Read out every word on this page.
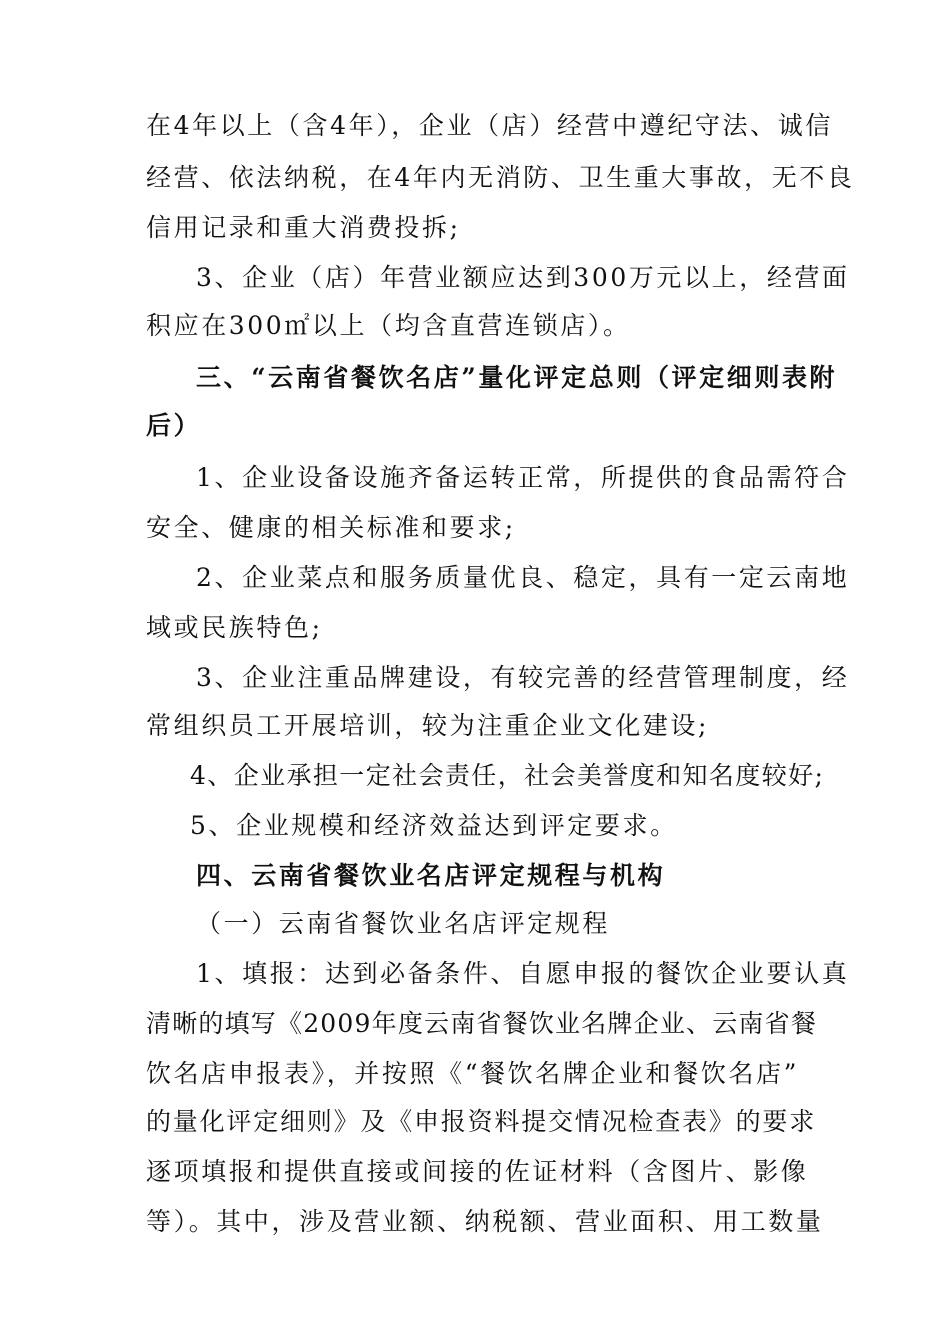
在4年以上（含4年），企业（店）经营中遵纪守法、诚信
经营、依法纳税，在4年内无消防、卫生重大事故，无不良
信用记录和重大消费投拆;
3、企业（店）年营业额应达到300万元以上，经营面
积应在300㎡以上（均含直营连锁店）。
三、“云南省餐饮名店”量化评定总则（评定细则表附
后）
1、企业设备设施齐备运转正常，所提供的食品需符合
安全、健康的相关标准和要求;
2、企业菜点和服务质量优良、稳定，具有一定云南地
域或民族特色;
3、企业注重品牌建设，有较完善的经营管理制度，经
常组织员工开展培训，较为注重企业文化建设;
4、企业承担一定社会责任，社会美誉度和知名度较好;
5、企业规模和经济效益达到评定要求。
四、云南省餐饮业名店评定规程与机构
（一）云南省餐饮业名店评定规程
1、填报：达到必备条件、自愿申报的餐饮企业要认真
清晰的填写《2009年度云南省餐饮业名牌企业、云南省餐
饮名店申报表》，并按照《“餐饮名牌企业和餐饮名店”
的量化评定细则》及《申报资料提交情况检查表》的要求
逐项填报和提供直接或间接的佐证材料（含图片、影像
等）。其中，涉及营业额、纳税额、营业面积、用工数量
